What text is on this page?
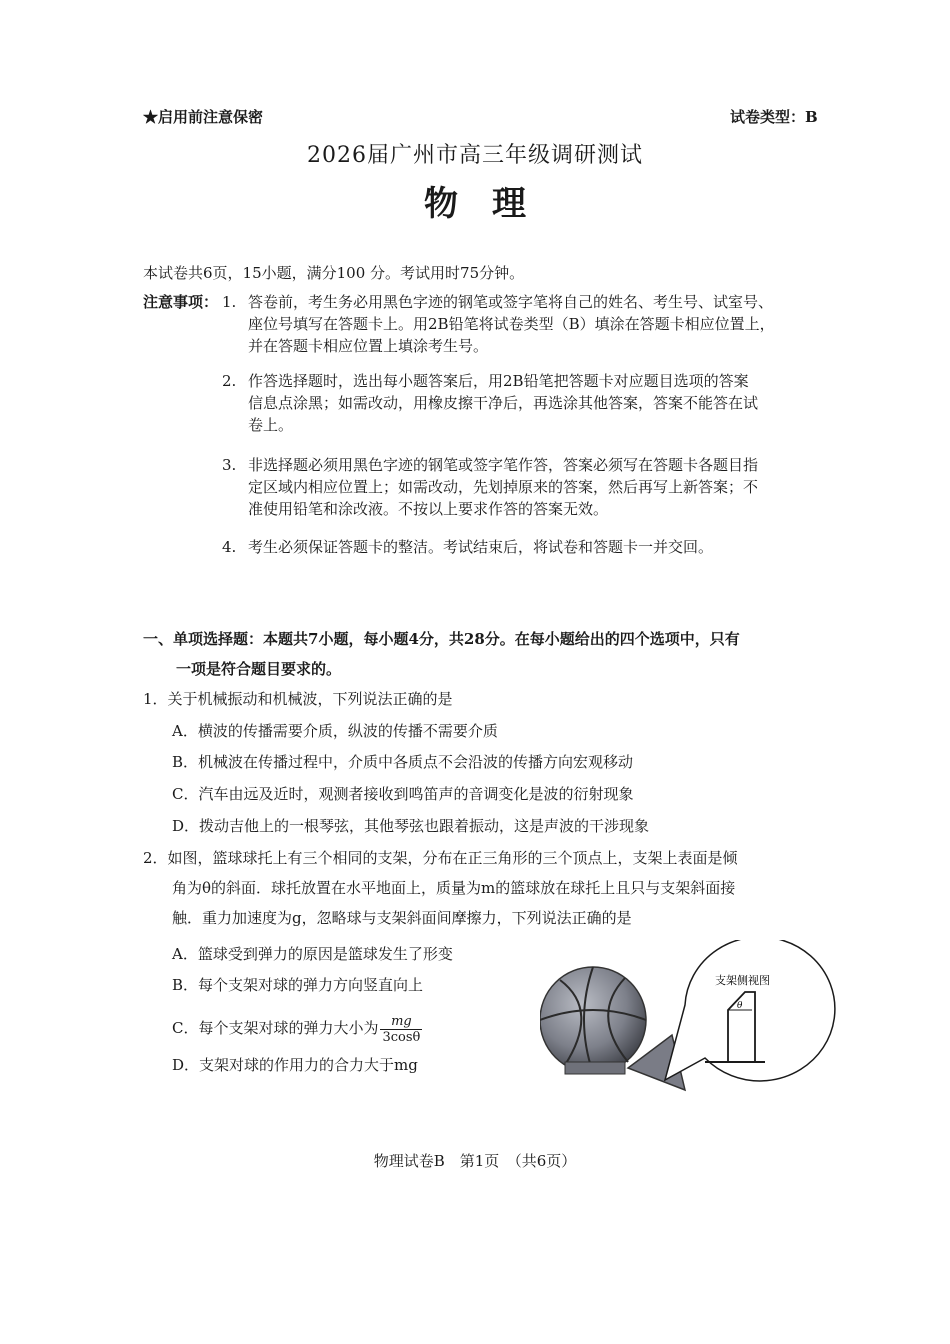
★启用前注意保密	试卷类型：B
2026届广州市高三年级调研测试
物理
本试卷共6页，15小题，满分100 分。考试用时75分钟。
注意事项： 1. 答卷前，考生务必用黑色字迹的钢笔或签字笔将自己的姓名、考生号、试室号、
座位号填写在答题卡上。用2B铅笔将试卷类型（B）填涂在答题卡相应位置上，
并在答题卡相应位置上填涂考生号。
2. 作答选择题时，选出每小题答案后，用2B铅笔把答题卡对应题目选项的答案
信息点涂黑；如需改动，用橡皮擦干净后，再选涂其他答案，答案不能答在试
卷上。
3. 非选择题必须用黑色字迹的钢笔或签字笔作答，答案必须写在答题卡各题目指
定区域内相应位置上；如需改动，先划掉原来的答案，然后再写上新答案；不
准使用铅笔和涂改液。不按以上要求作答的答案无效。
4. 考生必须保证答题卡的整洁。考试结束后，将试卷和答题卡一并交回。
一、单项选择题：本题共7小题，每小题4分，共28分。在每小题给出的四个选项中，只有
一项是符合题目要求的。
1．关于机械振动和机械波，下列说法正确的是
A．横波的传播需要介质，纵波的传播不需要介质
B．机械波在传播过程中，介质中各质点不会沿波的传播方向宏观移动
C．汽车由远及近时，观测者接收到鸣笛声的音调变化是波的衍射现象
D．拨动吉他上的一根琴弦，其他琴弦也跟着振动，这是声波的干涉现象
2．如图，篮球球托上有三个相同的支架，分布在正三角形的三个顶点上，支架上表面是倾
角为θ的斜面．球托放置在水平地面上，质量为m的篮球放在球托上且只与支架斜面接
触．重力加速度为g，忽略球与支架斜面间摩擦力，下列说法正确的是
A．篮球受到弹力的原因是篮球发生了形变
B．每个支架对球的弹力方向竖直向上
C．每个支架对球的弹力大小为 $\frac{mg}{3\cos\theta}$
D．支架对球的作用力的合力大于mg
支架侧视图
θ
物理试卷B　第1页　（共6页）
